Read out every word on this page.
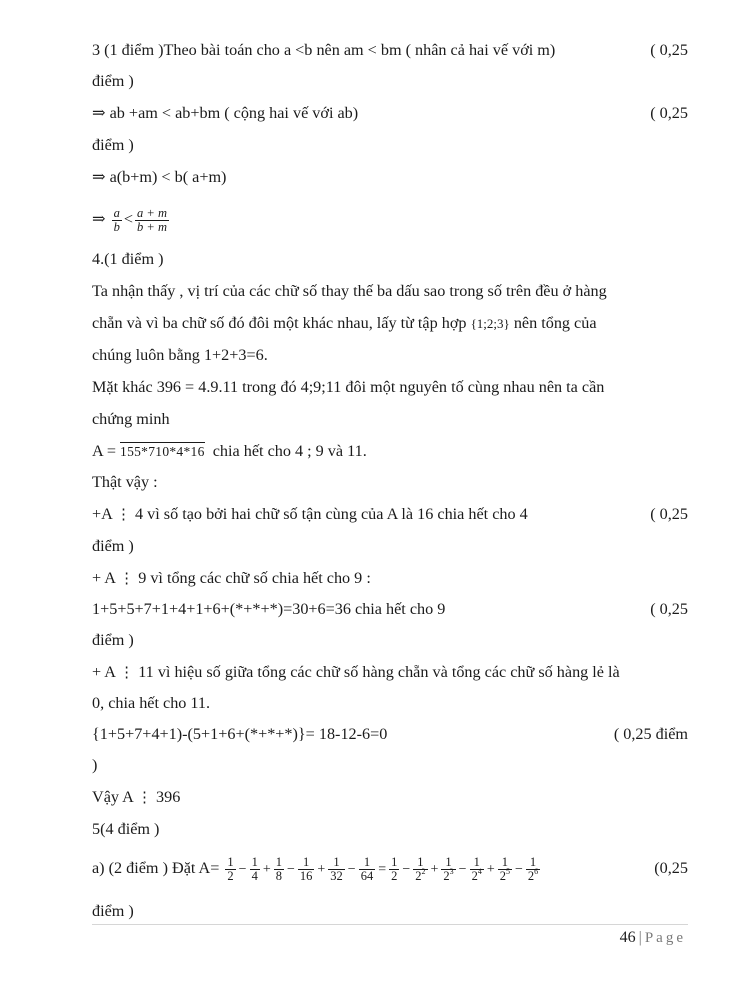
3 (1 điểm )Theo bài toán cho a <b nên am < bm ( nhân cả hai vế với m)	( 0,25
điểm )
⇒ ab +am < ab+bm ( cộng hai vế với ab)	( 0,25
điểm )
⇒ a(b+m) < b( a+m)
⇒ $\frac{a}{b} < \frac{a + m}{b + m}$
4.(1 điểm )
Ta nhận thấy , vị trí của các chữ số thay thế ba dấu sao trong số trên đều ở hàng
chẵn và vì ba chữ số đó đôi một khác nhau, lấy từ tập hợp {1;2;3} nên tổng của
chúng luôn bằng 1+2+3=6.
Mặt khác 396 = 4.9.11 trong đó 4;9;11 đôi một nguyên tố cùng nhau nên ta cần
chứng minh
A = 155*710*4*16 chia hết cho 4 ; 9 và 11.
Thật vậy :
+A ⋮ 4 vì số tạo bởi hai chữ số tận cùng của A là 16 chia hết cho 4	( 0,25
điểm )
+ A ⋮ 9 vì tổng các chữ số chia hết cho 9 :
1+5+5+7+1+4+1+6+(*+*+*)=30+6=36 chia hết cho 9	( 0,25
điểm )
+ A ⋮ 11 vì hiệu số giữa tổng các chữ số hàng chẵn và tổng các chữ số hàng lẻ là
0, chia hết cho 11.
{1+5+7+4+1)-(5+1+6+(*+*+*)}= 18-12-6=0	( 0,25 điểm
)
Vậy A ⋮ 396
5(4 điểm )
a) (2 điểm ) Đặt $A= \frac{1}{2} - \frac{1}{4} + \frac{1}{8} - \frac{1}{16} + \frac{1}{32} - \frac{1}{64} = \frac{1}{2} - \frac{1}{2^2} + \frac{1}{2^3} - \frac{1}{2^4} + \frac{1}{2^5} - \frac{1}{2^6}$	(0,25
điểm )
46 | Page
